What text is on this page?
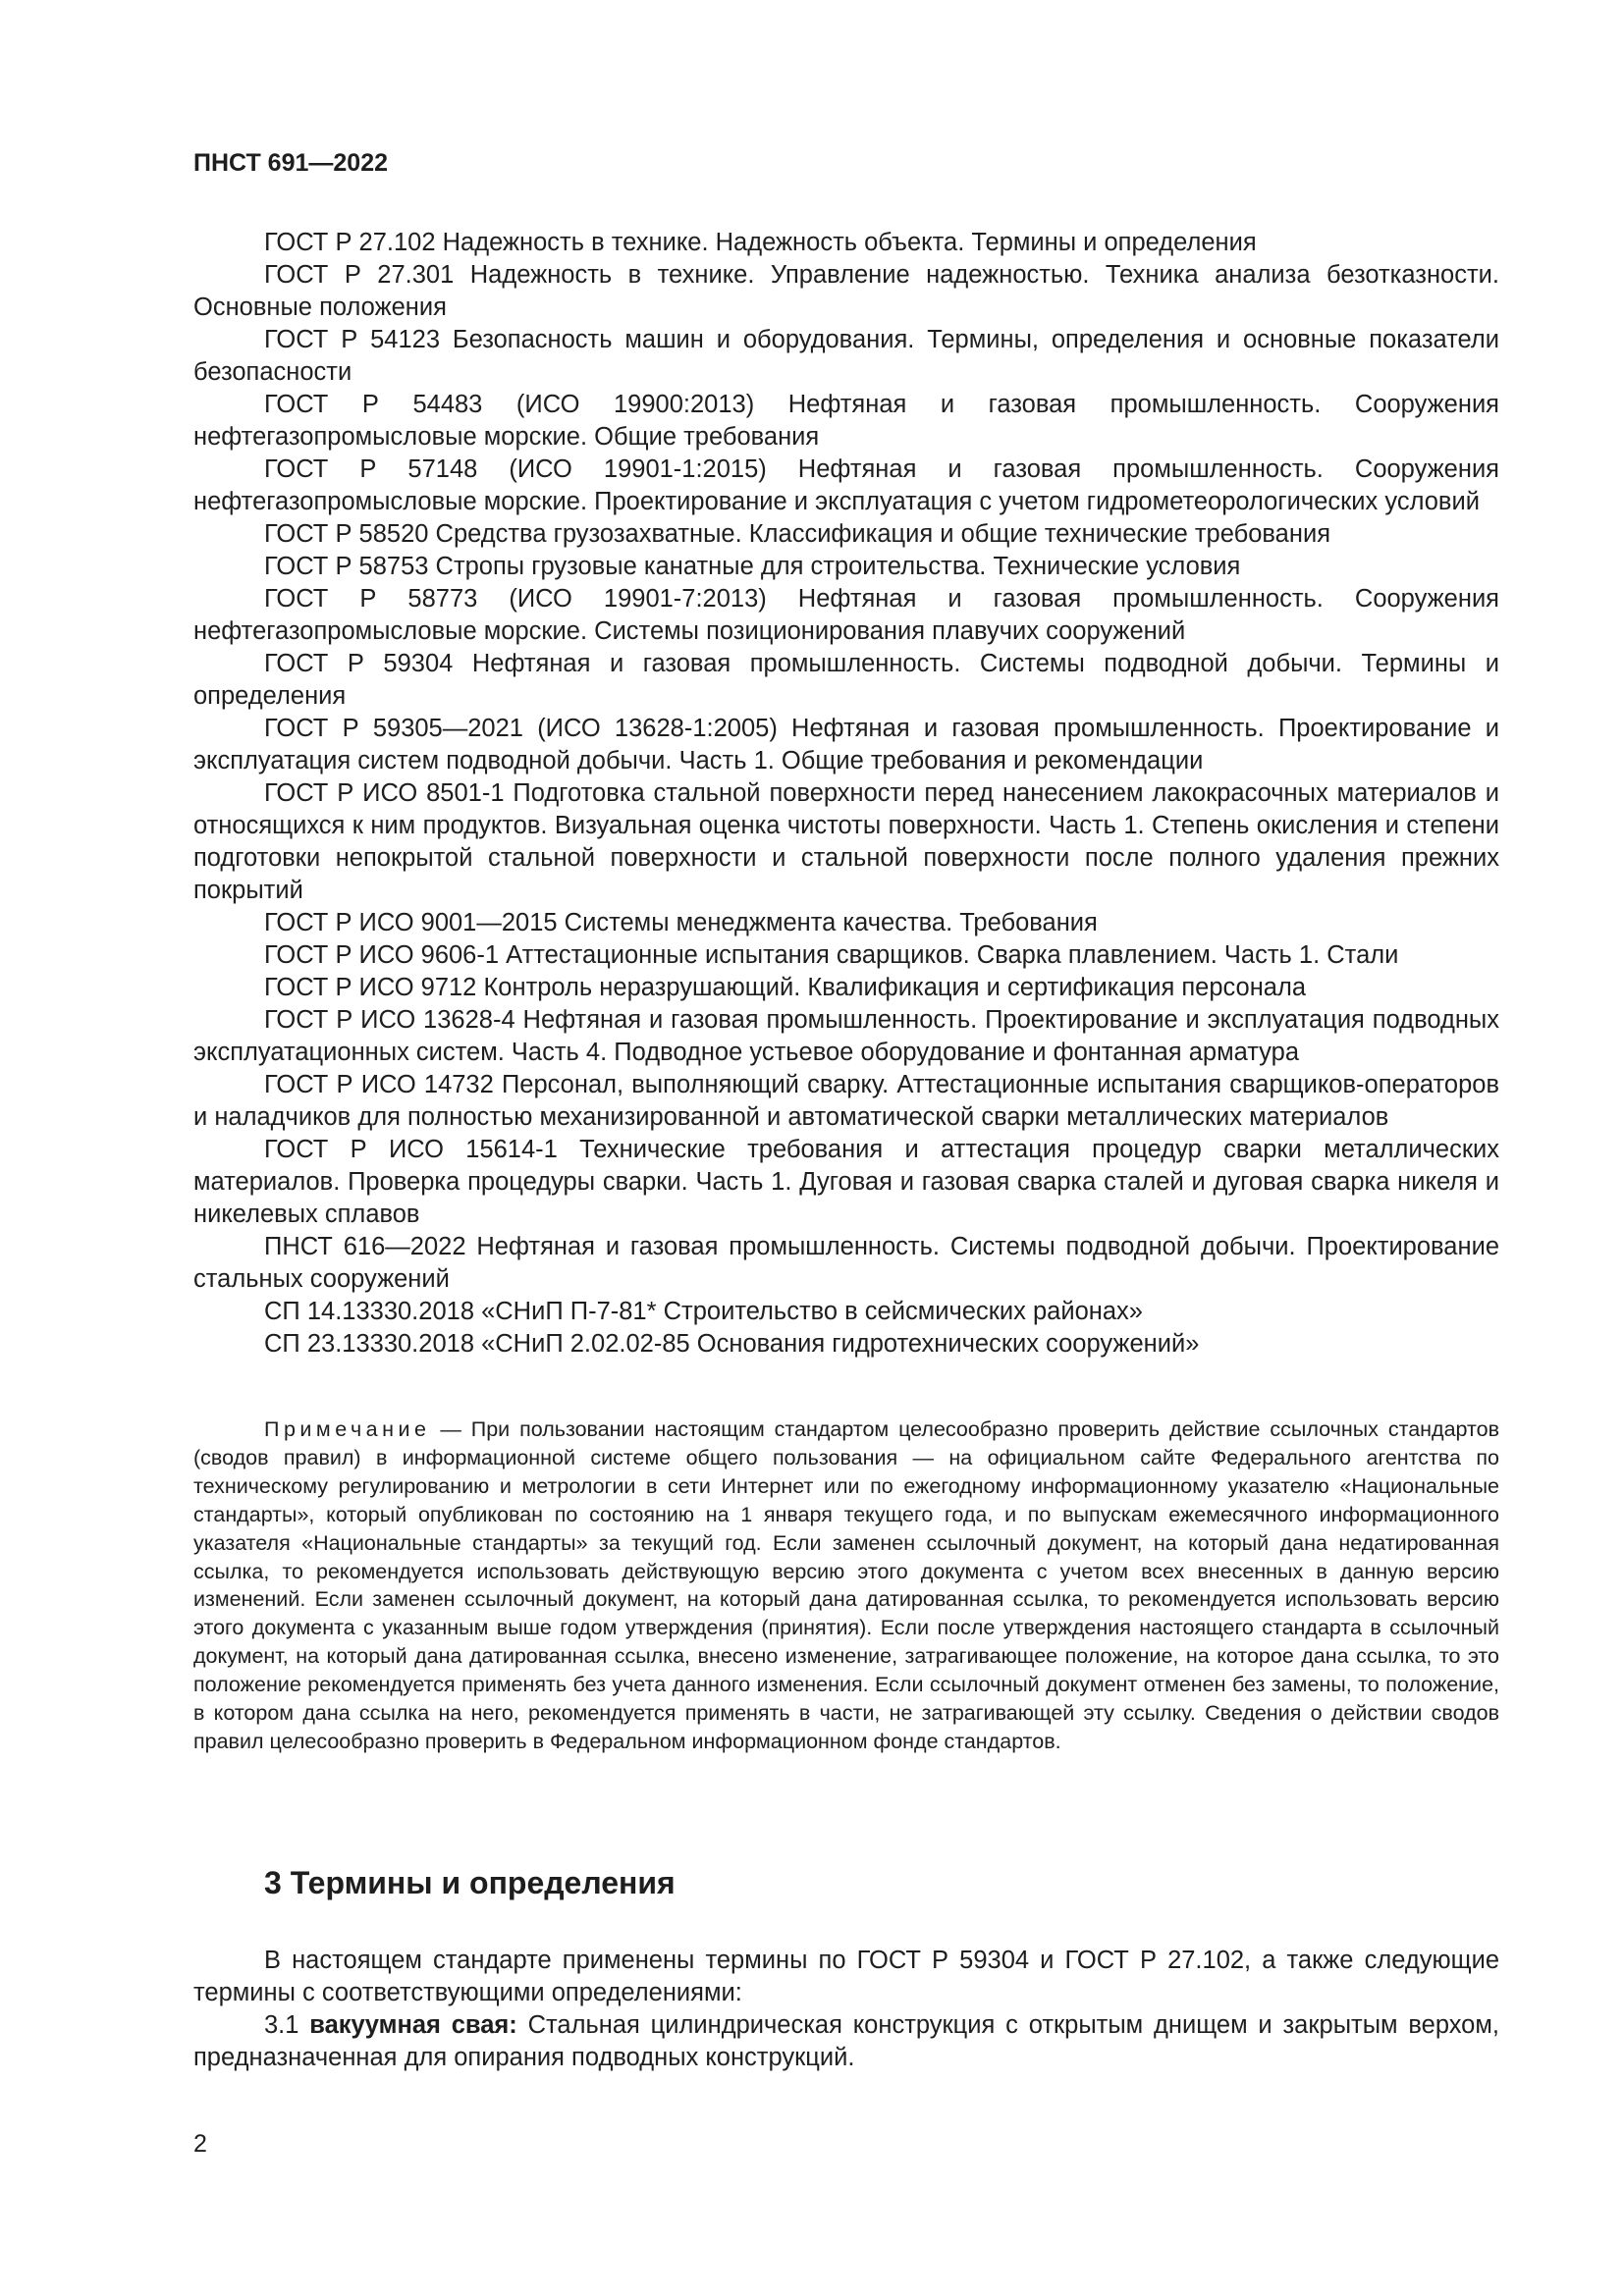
ПНСТ 691—2022
ГОСТ Р 27.102 Надежность в технике. Надежность объекта. Термины и определения
ГОСТ Р 27.301 Надежность в технике. Управление надежностью. Техника анализа безотказности. Основные положения
ГОСТ Р 54123 Безопасность машин и оборудования. Термины, определения и основные показатели безопасности
ГОСТ Р 54483 (ИСО 19900:2013) Нефтяная и газовая промышленность. Сооружения нефтегазопромысловые морские. Общие требования
ГОСТ Р 57148 (ИСО 19901-1:2015) Нефтяная и газовая промышленность. Сооружения нефтегазопромысловые морские. Проектирование и эксплуатация с учетом гидрометеорологических условий
ГОСТ Р 58520 Средства грузозахватные. Классификация и общие технические требования
ГОСТ Р 58753 Стропы грузовые канатные для строительства. Технические условия
ГОСТ Р 58773 (ИСО 19901-7:2013) Нефтяная и газовая промышленность. Сооружения нефтегазопромысловые морские. Системы позиционирования плавучих сооружений
ГОСТ Р 59304 Нефтяная и газовая промышленность. Системы подводной добычи. Термины и определения
ГОСТ Р 59305—2021 (ИСО 13628-1:2005) Нефтяная и газовая промышленность. Проектирование и эксплуатация систем подводной добычи. Часть 1. Общие требования и рекомендации
ГОСТ Р ИСО 8501-1 Подготовка стальной поверхности перед нанесением лакокрасочных материалов и относящихся к ним продуктов. Визуальная оценка чистоты поверхности. Часть 1. Степень окисления и степени подготовки непокрытой стальной поверхности и стальной поверхности после полного удаления прежних покрытий
ГОСТ Р ИСО 9001—2015 Системы менеджмента качества. Требования
ГОСТ Р ИСО 9606-1 Аттестационные испытания сварщиков. Сварка плавлением. Часть 1. Стали
ГОСТ Р ИСО 9712 Контроль неразрушающий. Квалификация и сертификация персонала
ГОСТ Р ИСО 13628-4 Нефтяная и газовая промышленность. Проектирование и эксплуатация подводных эксплуатационных систем. Часть 4. Подводное устьевое оборудование и фонтанная арматура
ГОСТ Р ИСО 14732 Персонал, выполняющий сварку. Аттестационные испытания сварщиков-операторов и наладчиков для полностью механизированной и автоматической сварки металлических материалов
ГОСТ Р ИСО 15614-1 Технические требования и аттестация процедур сварки металлических материалов. Проверка процедуры сварки. Часть 1. Дуговая и газовая сварка сталей и дуговая сварка никеля и никелевых сплавов
ПНСТ 616—2022 Нефтяная и газовая промышленность. Системы подводной добычи. Проектирование стальных сооружений
СП 14.13330.2018 «СНиП П-7-81* Строительство в сейсмических районах»
СП 23.13330.2018 «СНиП 2.02.02-85 Основания гидротехнических сооружений»
Примечание — При пользовании настоящим стандартом целесообразно проверить действие ссылочных стандартов (сводов правил) в информационной системе общего пользования — на официальном сайте Федерального агентства по техническому регулированию и метрологии в сети Интернет или по ежегодному информационному указателю «Национальные стандарты», который опубликован по состоянию на 1 января текущего года, и по выпускам ежемесячного информационного указателя «Национальные стандарты» за текущий год. Если заменен ссылочный документ, на который дана недатированная ссылка, то рекомендуется использовать действующую версию этого документа с учетом всех внесенных в данную версию изменений. Если заменен ссылочный документ, на который дана датированная ссылка, то рекомендуется использовать версию этого документа с указанным выше годом утверждения (принятия). Если после утверждения настоящего стандарта в ссылочный документ, на который дана датированная ссылка, внесено изменение, затрагивающее положение, на которое дана ссылка, то это положение рекомендуется применять без учета данного изменения. Если ссылочный документ отменен без замены, то положение, в котором дана ссылка на него, рекомендуется применять в части, не затрагивающей эту ссылку. Сведения о действии сводов правил целесообразно проверить в Федеральном информационном фонде стандартов.
3 Термины и определения

В настоящем стандарте применены термины по ГОСТ Р 59304 и ГОСТ Р 27.102, а также следующие термины с соответствующими определениями:

3.1 вакуумная свая: Стальная цилиндрическая конструкция с открытым днищем и закрытым верхом, предназначенная для опирания подводных конструкций.

2
